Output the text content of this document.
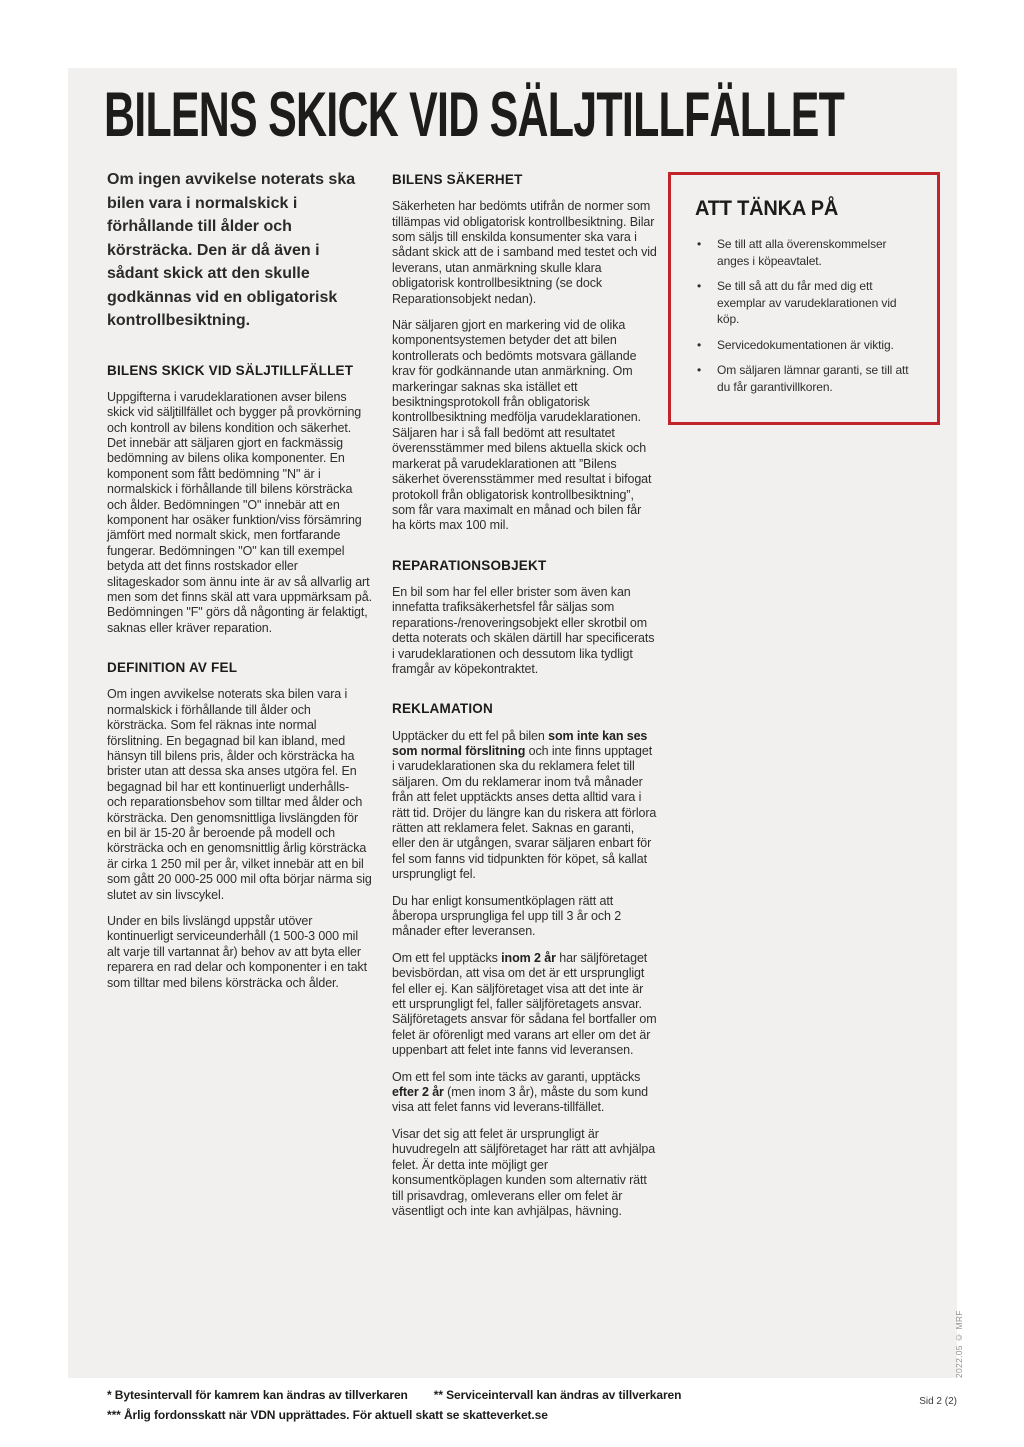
BILENS SKICK VID SÄLJTILLFÄLLET

Om ingen avvikelse noterats ska bilen vara i normalskick i förhållande till ålder och körsträcka. Den är då även i sådant skick att den skulle godkännas vid en obligatorisk kontrollbesiktning.

BILENS SKICK VID SÄLJTILLFÄLLET

Uppgifterna i varudeklarationen avser bilens skick vid säljtillfället och bygger på provkörning och kontroll av bilens kondition och säkerhet. Det innebär att säljaren gjort en fackmässig bedömning av bilens olika komponenter. En komponent som fått bedömning "N" är i normalskick i förhållande till bilens körsträcka och ålder. Bedömningen "O" innebär att en komponent har osäker funktion/viss försämring jämfört med normalt skick, men fortfarande fungerar. Bedömningen "O" kan till exempel betyda att det finns rostskador eller slitageskador som ännu inte är av så allvarlig art men som det finns skäl att vara uppmärksam på. Bedömningen "F" görs då någonting är felaktigt, saknas eller kräver reparation.

DEFINITION AV FEL

Om ingen avvikelse noterats ska bilen vara i normalskick i förhållande till ålder och körsträcka. Som fel räknas inte normal förslitning. En begagnad bil kan ibland, med hänsyn till bilens pris, ålder och körsträcka ha brister utan att dessa ska anses utgöra fel. En begagnad bil har ett kontinuerligt underhålls- och reparationsbehov som tilltar med ålder och körsträcka. Den genomsnittliga livslängden för en bil är 15-20 år beroende på modell och körsträcka och en genomsnittlig årlig körsträcka är cirka 1 250 mil per år, vilket innebär att en bil som gått 20 000-25 000 mil ofta börjar närma sig slutet av sin livscykel.

Under en bils livslängd uppstår utöver kontinuerligt serviceunderhåll (1 500-3 000 mil alt varje till vartannat år) behov av att byta eller reparera en rad delar och komponenter i en takt som tilltar med bilens körsträcka och ålder.

BILENS SÄKERHET

Säkerheten har bedömts utifrån de normer som tillämpas vid obligatorisk kontrollbesiktning. Bilar som säljs till enskilda konsumenter ska vara i sådant skick att de i samband med testet och vid leverans, utan anmärkning skulle klara obligatorisk kontrollbesiktning (se dock Reparationsobjekt nedan).

När säljaren gjort en markering vid de olika komponentsystemen betyder det att bilen kontrollerats och bedömts motsvara gällande krav för godkännande utan anmärkning. Om markeringar saknas ska istället ett besiktningsprotokoll från obligatorisk kontrollbesiktning medfölja varudeklarationen. Säljaren har i så fall bedömt att resultatet överensstämmer med bilens aktuella skick och markerat på varudeklarationen att ”Bilens säkerhet överensstämmer med resultat i bifogat protokoll från obligatorisk kontrollbesiktning”, som får vara maximalt en månad och bilen får ha körts max 100 mil.

REPARATIONSOBJEKT

En bil som har fel eller brister som även kan innefatta trafiksäkerhetsfel får säljas som reparations-/renoveringsobjekt eller skrotbil om detta noterats och skälen därtill har specificerats i varudeklarationen och dessutom lika tydligt framgår av köpekontraktet.

REKLAMATION

Upptäcker du ett fel på bilen som inte kan ses som normal förslitning och inte finns upptaget i varudeklarationen ska du reklamera felet till säljaren. Om du reklamerar inom två månader från att felet upptäckts anses detta alltid vara i rätt tid. Dröjer du längre kan du riskera att förlora rätten att reklamera felet. Saknas en garanti, eller den är utgången, svarar säljaren enbart för fel som fanns vid tidpunkten för köpet, så kallat ursprungligt fel.

Du har enligt konsumentköplagen rätt att åberopa ursprungliga fel upp till 3 år och 2 månader efter leveransen.

Om ett fel upptäcks inom 2 år har säljföretaget bevisbördan, att visa om det är ett ursprungligt fel eller ej. Kan säljföretaget visa att det inte är ett ursprungligt fel, faller säljföretagets ansvar. Säljföretagets ansvar för sådana fel bortfaller om felet är oförenligt med varans art eller om det är uppenbart att felet inte fanns vid leveransen.

Om ett fel som inte täcks av garanti, upptäcks efter 2 år (men inom 3 år), måste du som kund visa att felet fanns vid leverans-tillfället.

Visar det sig att felet är ursprungligt är huvudregeln att säljföretaget har rätt att avhjälpa felet. Är detta inte möjligt ger konsumentköplagen kunden som alternativ rätt till prisavdrag, omleverans eller om felet är väsentligt och inte kan avhjälpas, hävning.

ATT TÄNKA PÅ
•	Se till att alla överenskommelser anges i köpeavtalet.
•	Se till så att du får med dig ett exemplar av varudeklarationen vid köp.
•	Servicedokumentationen är viktig.
•	Om säljaren lämnar garanti, se till att du får garantivillkoren.
2022.05 © MRF
* Bytesintervall för kamrem kan ändras av tillverkaren ** Serviceintervall kan ändras av tillverkaren
*** Årlig fordonsskatt när VDN upprättades. För aktuell skatt se skatteverket.se
Sid 2 (2)
